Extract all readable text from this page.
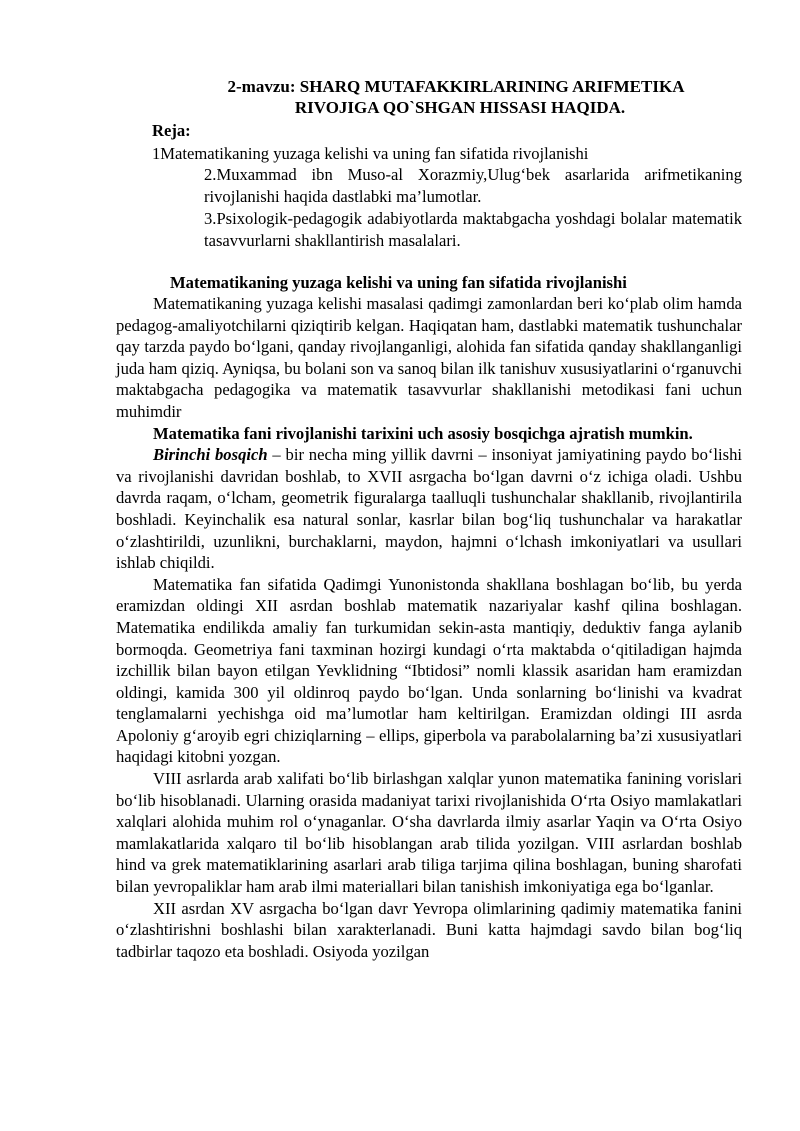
2-mavzu: SHARQ MUTAFAKKIRLARINING ARIFMETIKA
RIVOJIGA QO`SHGAN HISSASI HAQIDA.
Reja:
1Matematikaning yuzaga kelishi va uning fan sifatida rivojlanishi
2.Muxammad ibn Muso-al Xorazmiy,Ulug‘bek asarlarida arifmetikaning rivojlanishi haqida dastlabki ma’lumotlar.
3.Psixologik-pedagogik adabiyotlarda maktabgacha yoshdagi bolalar matematik tasavvurlarni shakllantirish masalalari.
Matematikaning yuzaga kelishi va uning fan sifatida rivojlanishi

Matematikaning yuzaga kelishi masalasi qadimgi zamonlardan beri ko‘plab olim hamda pedagog-amaliyotchilarni qiziqtirib kelgan. Haqiqatan ham, dastlabki matematik tushunchalar qay tarzda paydo bo‘lgani, qanday rivojlanganligi, alohida fan sifatida qanday shakllanganligi juda ham qiziq. Ayniqsa, bu bolani son va sanoq bilan ilk tanishuv xususiyatlarini o‘rganuvchi maktabgacha pedagogika va matematik tasavvurlar shakllanishi metodikasi fani uchun muhimdir

Matematika fani rivojlanishi tarixini uch asosiy bosqichga ajratish mumkin.

Birinchi bosqich – bir necha ming yillik davrni – insoniyat jamiyatining paydo bo‘lishi va rivojlanishi davridan boshlab, to XVII asrgacha bo‘lgan davrni o‘z ichiga oladi. Ushbu davrda raqam, o‘lcham, geometrik figuralarga taalluqli tushunchalar shakllanib, rivojlantirila boshladi. Keyinchalik esa natural sonlar, kasrlar bilan bog‘liq tushunchalar va harakatlar o‘zlashtirildi, uzunlikni, burchaklarni, maydon, hajmni o‘lchash imkoniyatlari va usullari ishlab chiqildi.

Matematika fan sifatida Qadimgi Yunonistonda shakllana boshlagan bo‘lib, bu yerda eramizdan oldingi XII asrdan boshlab matematik nazariyalar kashf qilina boshlagan. Matematika endilikda amaliy fan turkumidan sekin-asta mantiqiy, deduktiv fanga aylanib bormoqda. Geometriya fani taxminan hozirgi kundagi o‘rta maktabda o‘qitiladigan hajmda izchillik bilan bayon etilgan Yevklidning “Ibtidosi” nomli klassik asaridan ham eramizdan oldingi, kamida 300 yil oldinroq paydo bo‘lgan. Unda sonlarning bo‘linishi va kvadrat tenglamalarni yechishga oid ma’lumotlar ham keltirilgan. Eramizdan oldingi III asrda Apoloniy g‘aroyib egri chiziqlarning – ellips, giperbola va parabolalarning ba’zi xususiyatlari haqidagi kitobni yozgan.

VIII asrlarda arab xalifati bo‘lib birlashgan xalqlar yunon matematika fanining vorislari bo‘lib hisoblanadi. Ularning orasida madaniyat tarixi rivojlanishida O‘rta Osiyo mamlakatlari xalqlari alohida muhim rol o‘ynaganlar. O‘sha davrlarda ilmiy asarlar Yaqin va O‘rta Osiyo mamlakatlarida xalqaro til bo‘lib hisoblangan arab tilida yozilgan. VIII asrlardan boshlab hind va grek matematiklarining asarlari arab tiliga tarjima qilina boshlagan, buning sharofati bilan yevropaliklar ham arab ilmi materiallari bilan tanishish imkoniyatiga ega bo‘lganlar.

XII asrdan XV asrgacha bo‘lgan davr Yevropa olimlarining qadimiy matematika fanini o‘zlashtirishni boshlashi bilan xarakterlanadi. Buni katta hajmdagi savdo bilan bog‘liq tadbirlar taqozo eta boshladi. Osiyoda yozilgan
